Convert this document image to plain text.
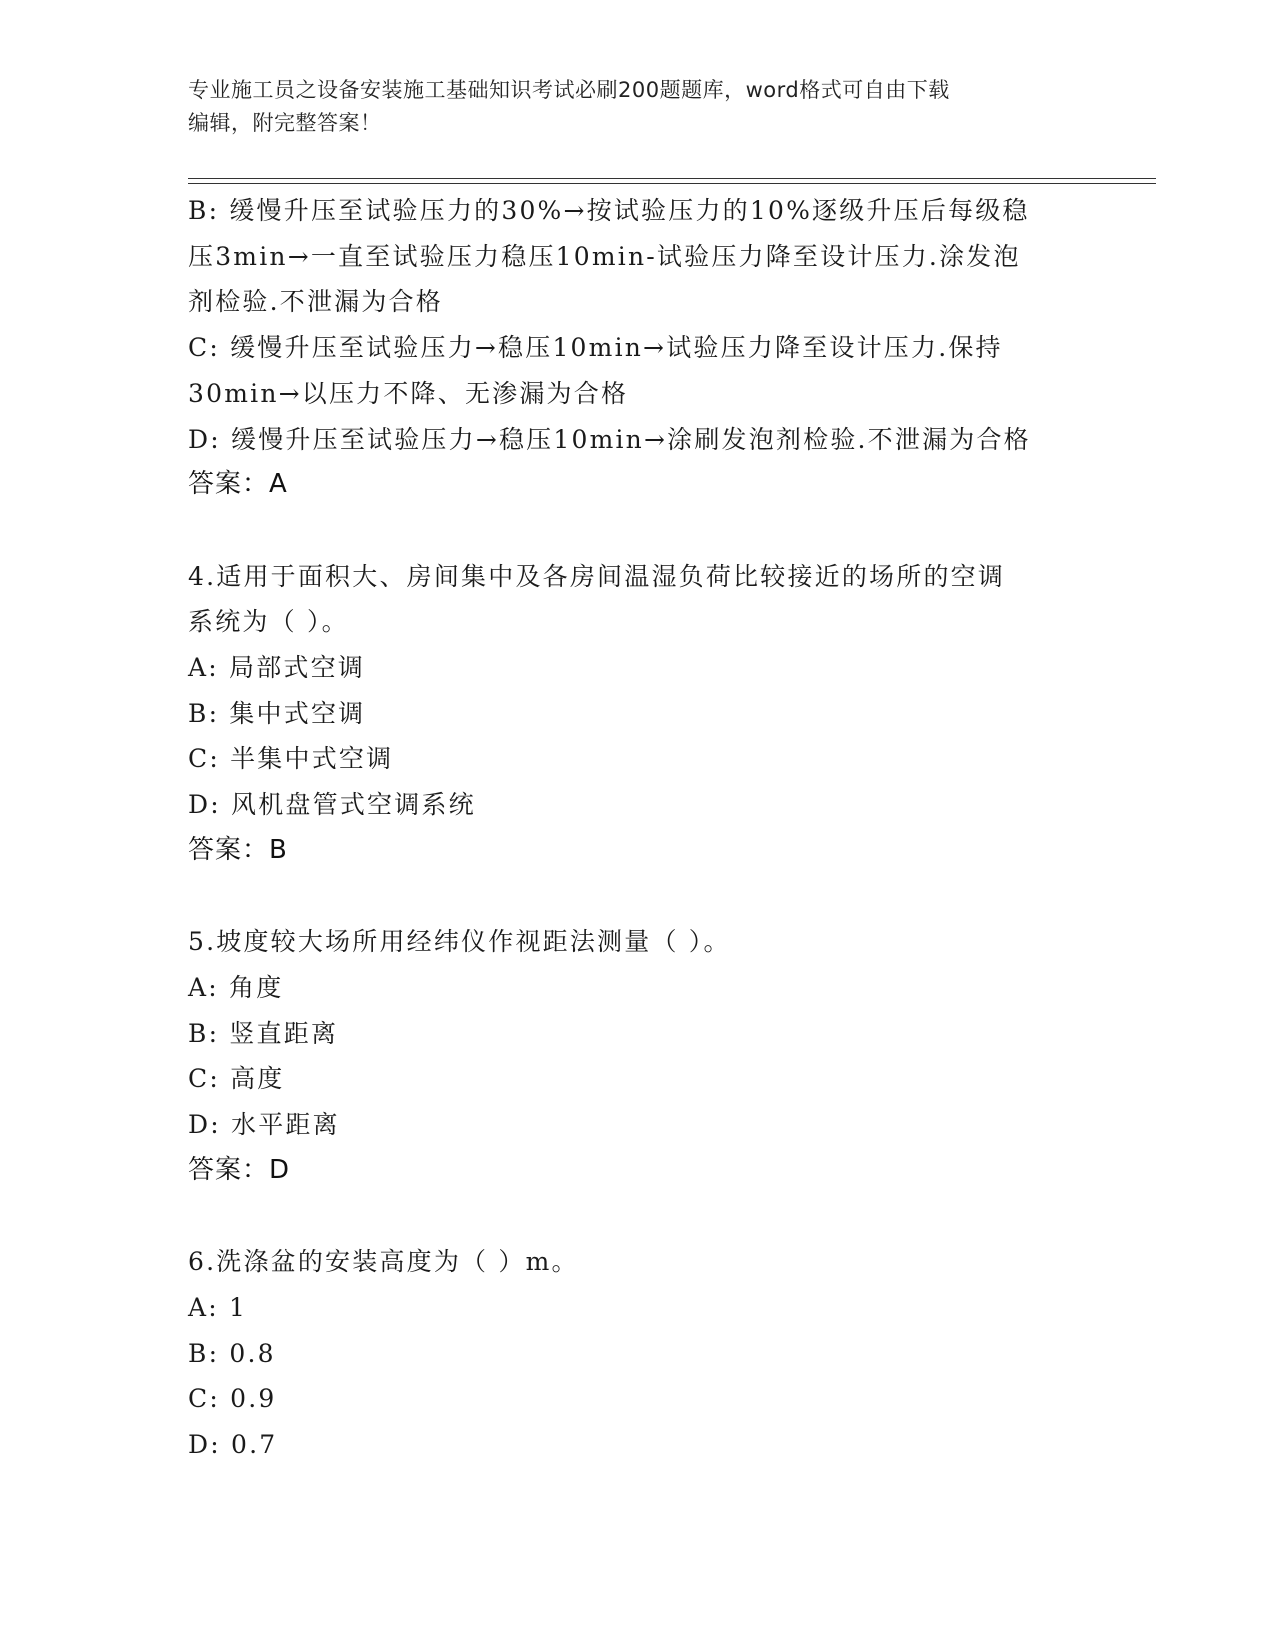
专业施工员之设备安装施工基础知识考试必刷200题题库，word格式可自由下载
编辑，附完整答案！
B: 缓慢升压至试验压力的30%→按试验压力的10%逐级升压后每级稳
压3min→一直至试验压力稳压10min-试验压力降至设计压力.涂发泡
剂检验.不泄漏为合格
C: 缓慢升压至试验压力→稳压10min→试验压力降至设计压力.保持
30min→以压力不降、无渗漏为合格
D: 缓慢升压至试验压力→稳压10min→涂刷发泡剂检验.不泄漏为合格
答案：A
4.适用于面积大、房间集中及各房间温湿负荷比较接近的场所的空调
系统为（ ）。
A: 局部式空调
B: 集中式空调
C: 半集中式空调
D: 风机盘管式空调系统
答案：B
5.坡度较大场所用经纬仪作视距法测量（ ）。
A: 角度
B: 竖直距离
C: 高度
D: 水平距离
答案：D
6.洗涤盆的安装高度为（ ）m。
A: 1
B: 0.8
C: 0.9
D: 0.7
